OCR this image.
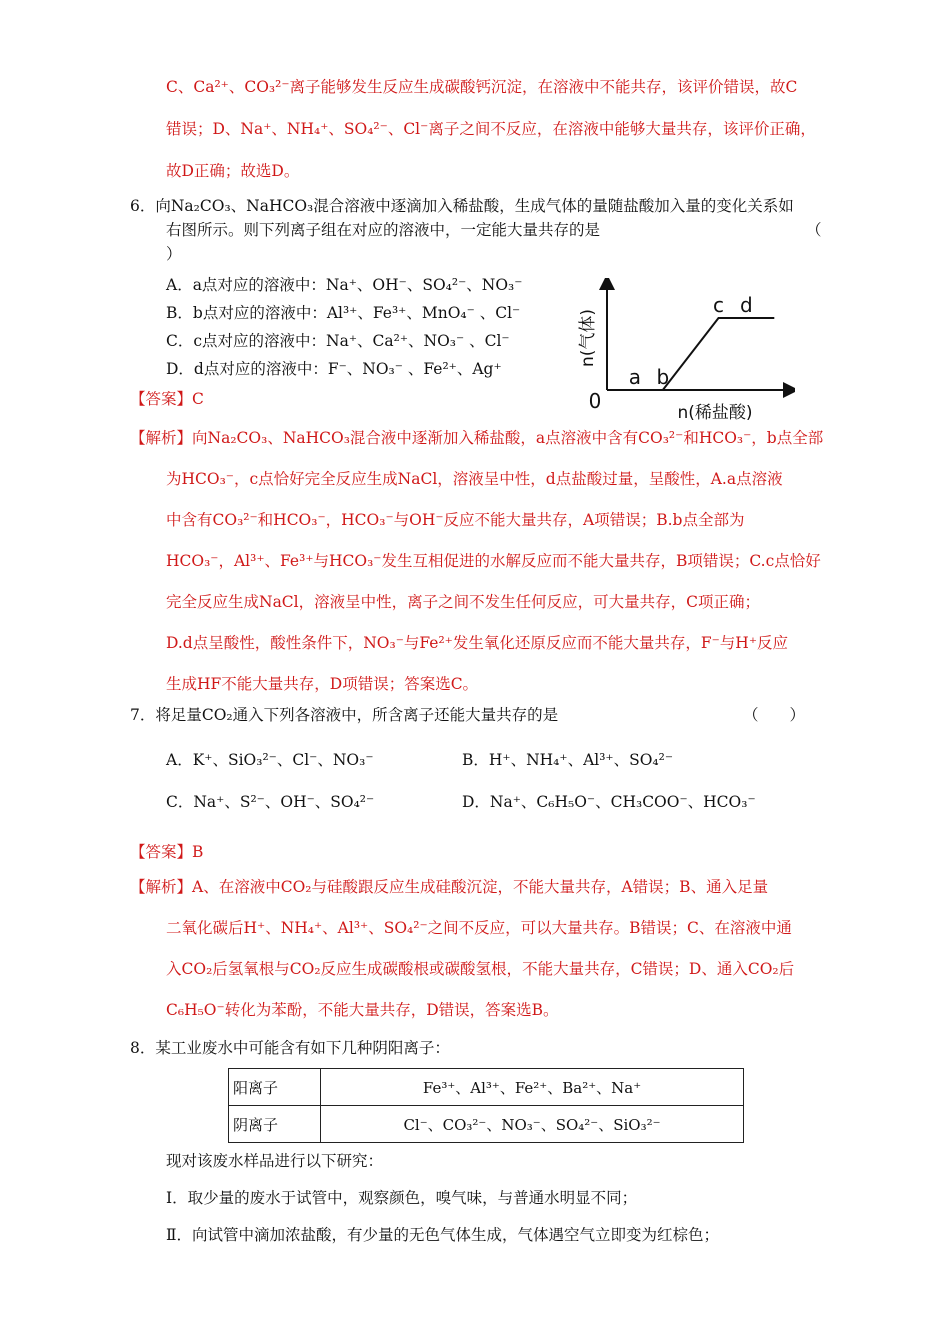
C、Ca²⁺、CO₃²⁻离子能够发生反应生成碳酸钙沉淀，在溶液中不能共存，该评价错误，故C
错误；D、Na⁺、NH₄⁺、SO₄²⁻、Cl⁻离子之间不反应，在溶液中能够大量共存，该评价正确，
故D正确；故选D。
6．向Na₂CO₃、NaHCO₃混合溶液中逐滴加入稀盐酸，生成气体的量随盐酸加入量的变化关系如
右图所示。则下列离子组在对应的溶液中，一定能大量共存的是	（
）
A．a点对应的溶液中：Na⁺、OH⁻、SO₄²⁻、NO₃⁻
B．b点对应的溶液中：Al³⁺、Fe³⁺、MnO₄⁻ 、Cl⁻
C．c点对应的溶液中：Na⁺、Ca²⁺、NO₃⁻ 、Cl⁻
D．d点对应的溶液中：F⁻、NO₃⁻ 、Fe²⁺、Ag⁺
n(气体)
n(稀盐酸)
0
a b
c d
【答案】C
【解析】向Na₂CO₃、NaHCO₃混合液中逐渐加入稀盐酸，a点溶液中含有CO₃²⁻和HCO₃⁻，b点全部
为HCO₃⁻，c点恰好完全反应生成NaCl，溶液呈中性，d点盐酸过量，呈酸性，A.a点溶液
中含有CO₃²⁻和HCO₃⁻，HCO₃⁻与OH⁻反应不能大量共存，A项错误；B.b点全部为
HCO₃⁻，Al³⁺、Fe³⁺与HCO₃⁻发生互相促进的水解反应而不能大量共存，B项错误；C.c点恰好
完全反应生成NaCl，溶液呈中性，离子之间不发生任何反应，可大量共存，C项正确；
D.d点呈酸性，酸性条件下，NO₃⁻与Fe²⁺发生氧化还原反应而不能大量共存，F⁻与H⁺反应
生成HF不能大量共存，D项错误；答案选C。
7．将足量CO₂通入下列各溶液中，所含离子还能大量共存的是	（　　）
A．K⁺、SiO₃²⁻、Cl⁻、NO₃⁻	B．H⁺、NH₄⁺、Al³⁺、SO₄²⁻
C．Na⁺、S²⁻、OH⁻、SO₄²⁻	D．Na⁺、C₆H₅O⁻、CH₃COO⁻、HCO₃⁻
【答案】B
【解析】A、在溶液中CO₂与硅酸跟反应生成硅酸沉淀，不能大量共存，A错误；B、通入足量
二氧化碳后H⁺、NH₄⁺、Al³⁺、SO₄²⁻之间不反应，可以大量共存。B错误；C、在溶液中通
入CO₂后氢氧根与CO₂反应生成碳酸根或碳酸氢根，不能大量共存，C错误；D、通入CO₂后
C₆H₅O⁻转化为苯酚，不能大量共存，D错误，答案选B。
8．某工业废水中可能含有如下几种阴阳离子：
阳离子	Fe³⁺、Al³⁺、Fe²⁺、Ba²⁺、Na⁺
阴离子	Cl⁻、CO₃²⁻、NO₃⁻、SO₄²⁻、SiO₃²⁻
现对该废水样品进行以下研究：
Ⅰ．取少量的废水于试管中，观察颜色，嗅气味，与普通水明显不同；
Ⅱ．向试管中滴加浓盐酸，有少量的无色气体生成，气体遇空气立即变为红棕色；
